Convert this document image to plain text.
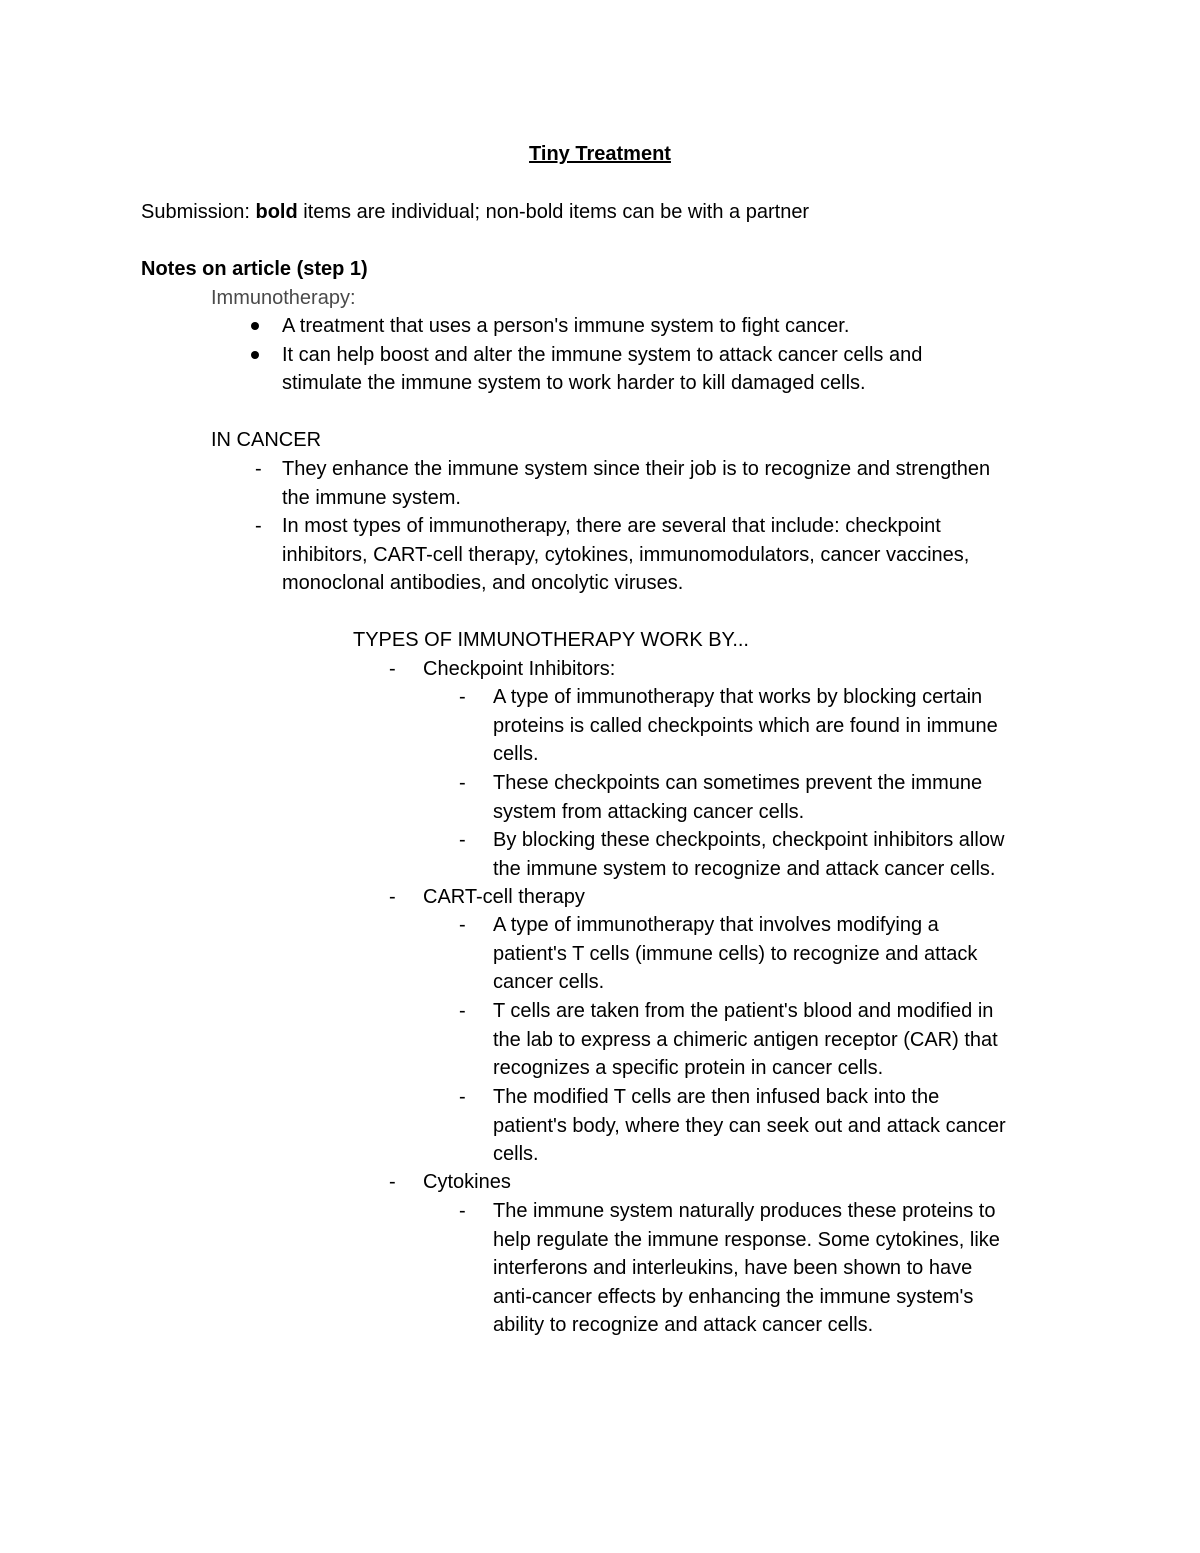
Tiny Treatment
Submission: bold items are individual; non-bold items can be with a partner
Notes on article (step 1)
Immunotherapy:
A treatment that uses a person's immune system to fight cancer.
It can help boost and alter the immune system to attack cancer cells and
stimulate the immune system to work harder to kill damaged cells.
IN CANCER
- They enhance the immune system since their job is to recognize and strengthen
the immune system.
- In most types of immunotherapy, there are several that include: checkpoint
inhibitors, CART-cell therapy, cytokines, immunomodulators, cancer vaccines,
monoclonal antibodies, and oncolytic viruses.
TYPES OF IMMUNOTHERAPY WORK BY...
- Checkpoint Inhibitors:
- A type of immunotherapy that works by blocking certain
proteins is called checkpoints which are found in immune
cells.
- These checkpoints can sometimes prevent the immune
system from attacking cancer cells.
- By blocking these checkpoints, checkpoint inhibitors allow
the immune system to recognize and attack cancer cells.
- CART-cell therapy
- A type of immunotherapy that involves modifying a
patient's T cells (immune cells) to recognize and attack
cancer cells.
- T cells are taken from the patient's blood and modified in
the lab to express a chimeric antigen receptor (CAR) that
recognizes a specific protein in cancer cells.
- The modified T cells are then infused back into the
patient's body, where they can seek out and attack cancer
cells.
- Cytokines
- The immune system naturally produces these proteins to
help regulate the immune response. Some cytokines, like
interferons and interleukins, have been shown to have
anti-cancer effects by enhancing the immune system's
ability to recognize and attack cancer cells.
